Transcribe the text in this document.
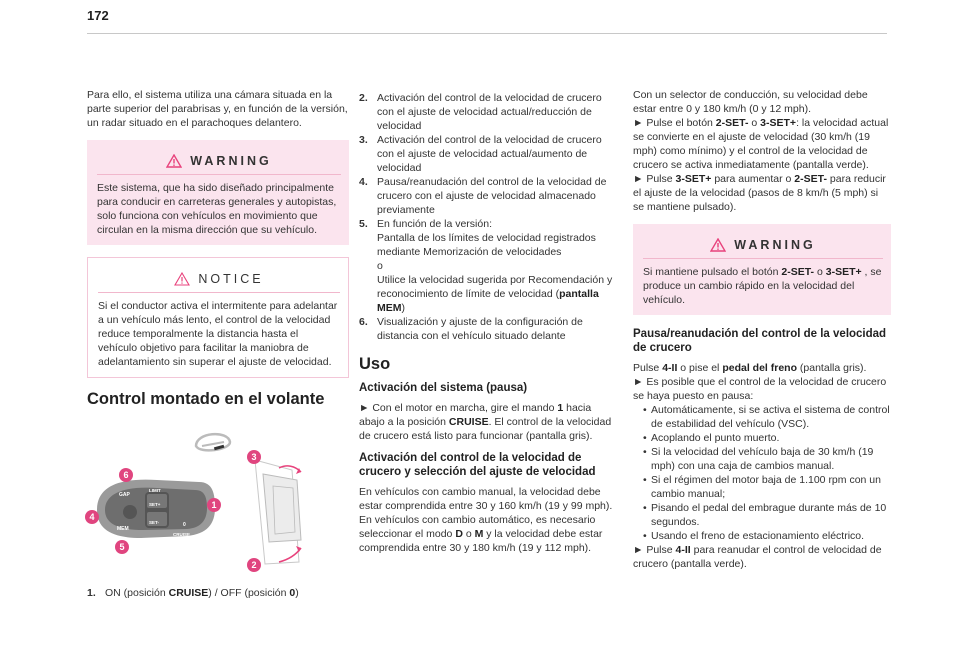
172

Para ello, el sistema utiliza una cámara situada en la parte superior del parabrisas y, en función de la versión, un radar situado en el parachoques delantero.

WARNING
Este sistema, que ha sido diseñado principalmente para conducir en carreteras generales y autopistas, solo funciona con vehículos en movimiento que circulan en la misma dirección que su vehículo.
NOTICE
Si el conductor activa el intermitente para adelantar a un vehículo más lento, el control de la velocidad reduce temporalmente la distancia hasta el vehículo objetivo para facilitar la maniobra de adelantamiento sin superar el ajuste de velocidad.
Control montado en el volante
GAP
MEM
LIMIT
SET+
SET-
CRUISE
0
6
4
5
1
3
2
1. ON (posición CRUISE) / OFF (posición 0)
2. Activación del control de la velocidad de crucero con el ajuste de velocidad actual/reducción de velocidad
3. Activación del control de la velocidad de crucero con el ajuste de velocidad actual/aumento de velocidad
4. Pausa/reanudación del control de la velocidad de crucero con el ajuste de velocidad almacenado previamente
5. En función de la versión:
Pantalla de los límites de velocidad registrados mediante Memorización de velocidades
o
Utilice la velocidad sugerida por Recomendación y reconocimiento de límite de velocidad (pantalla MEM)
6. Visualización y ajuste de la configuración de distancia con el vehículo situado delante
Uso
Activación del sistema (pausa)

► Con el motor en marcha, gire el mando 1 hacia abajo a la posición CRUISE. El control de la velocidad de crucero está listo para funcionar (pantalla gris).

Activación del control de la velocidad de crucero y selección del ajuste de velocidad

En vehículos con cambio manual, la velocidad debe estar comprendida entre 30 y 160 km/h (19 y 99 mph). En vehículos con cambio automático, es necesario seleccionar el modo D o M y la velocidad debe estar comprendida entre 30 y 180 km/h (19 y 112 mph).

Con un selector de conducción, su velocidad debe estar entre 0 y 180 km/h (0 y 12 mph).

► Pulse el botón 2-SET- o 3-SET+: la velocidad actual se convierte en el ajuste de velocidad (30 km/h (19 mph) como mínimo) y el control de la velocidad de crucero se activa inmediatamente (pantalla verde).

► Pulse 3-SET+ para aumentar o 2-SET- para reducir el ajuste de la velocidad (pasos de 8 km/h (5 mph) si se mantiene pulsado).

WARNING
Si mantiene pulsado el botón 2-SET- o 3-SET+ , se produce un cambio rápido en la velocidad del vehículo.
Pausa/reanudación del control de la velocidad de crucero

Pulse 4-II o pise el pedal del freno (pantalla gris).

► Es posible que el control de la velocidad de crucero se haya puesto en pausa:

• Automáticamente, si se activa el sistema de control de estabilidad del vehículo (VSC).
• Acoplando el punto muerto.
• Si la velocidad del vehículo baja de 30 km/h (19 mph) con una caja de cambios manual.
• Si el régimen del motor baja de 1.100 rpm con un cambio manual;
• Pisando el pedal del embrague durante más de 10 segundos.
• Usando el freno de estacionamiento eléctrico.

► Pulse 4-II para reanudar el control de velocidad de crucero (pantalla verde).
